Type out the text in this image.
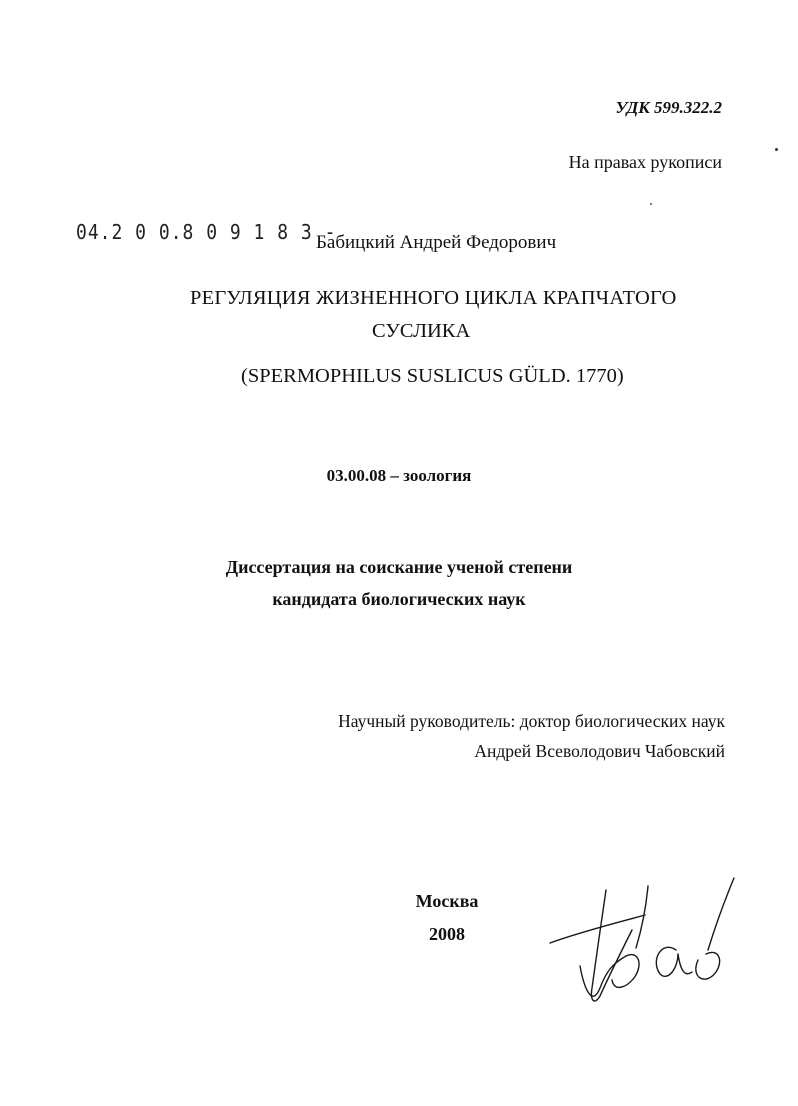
УДК 599.322.2
На правах рукописи
04.2 0 0.8 0 9 1 8 3 -
Бабицкий Андрей Федорович
РЕГУЛЯЦИЯ ЖИЗНЕННОГО ЦИКЛА КРАПЧАТОГО
СУСЛИКА
(SPERMOPHILUS SUSLICUS GÜLD. 1770)
03.00.08 – зоология
Диссертация на соискание ученой степени
кандидата биологических наук
Научный руководитель: доктор биологических наук
Андрей Всеволодович Чабовский
Москва
2008
